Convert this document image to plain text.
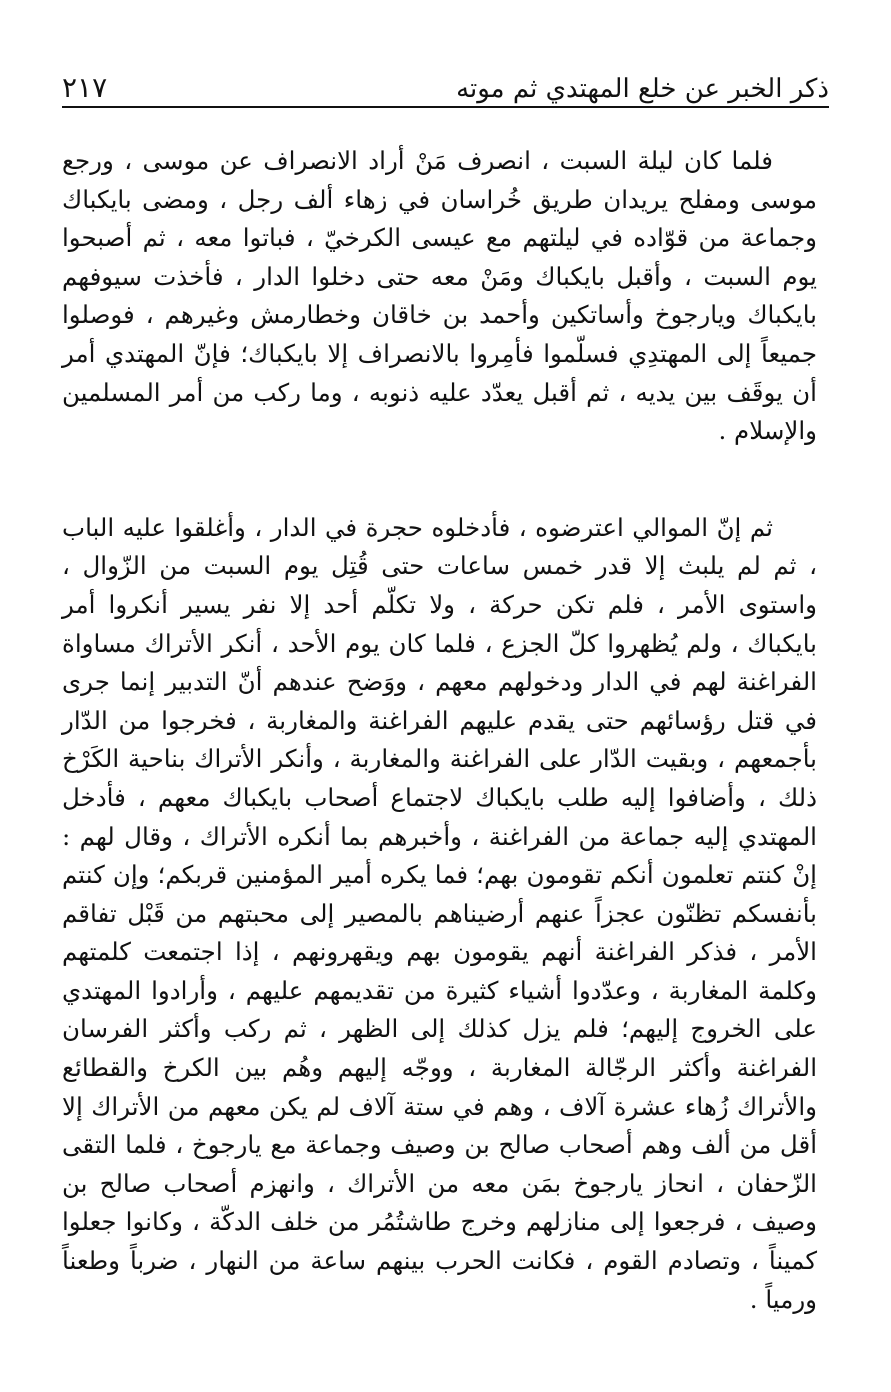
ذكر الخبر عن خلع المهتدي ثم موته
٢١٧

فلما كان ليلة السبت ، انصرف مَنْ أراد الانصراف عن موسى ، ورجع موسى ومفلح يريدان طريق خُراسان في زهاء ألف رجل ، ومضى بايكباك وجماعة من قوّاده في ليلتهم مع عيسى الكرخيّ ، فباتوا معه ، ثم أصبحوا يوم السبت ، وأقبل بايكباك ومَنْ معه حتى دخلوا الدار ، فأخذت سيوفهم بايكباك ويارجوخ وأساتكين وأحمد بن خاقان وخطارمش وغيرهم ، فوصلوا جميعاً إلى المهتدِي فسلّموا فأمِروا بالانصراف إلا بايكباك؛ فإنّ المهتدي أمر أن يوقَف بين يديه ، ثم أقبل يعدّد عليه ذنوبه ، وما ركب من أمر المسلمين والإسلام .

ثم إنّ الموالي اعترضوه ، فأدخلوه حجرة في الدار ، وأغلقوا عليه الباب ، ثم لم يلبث إلا قدر خمس ساعات حتى قُتِل يوم السبت من الزّوال ، واستوى الأمر ، فلم تكن حركة ، ولا تكلّم أحد إلا نفر يسير أنكروا أمر بايكباك ، ولم يُظهروا كلّ الجزع ، فلما كان يوم الأحد ، أنكر الأتراك مساواة الفراغنة لهم في الدار ودخولهم معهم ، ووَضح عندهم أنّ التدبير إنما جرى في قتل رؤسائهم حتى يقدم عليهم الفراغنة والمغاربة ، فخرجوا من الدّار بأجمعهم ، وبقيت الدّار على الفراغنة والمغاربة ، وأنكر الأتراك بناحية الكَرْخ ذلك ، وأضافوا إليه طلب بايكباك لاجتماع أصحاب بايكباك معهم ، فأدخل المهتدي إليه جماعة من الفراغنة ، وأخبرهم بما أنكره الأتراك ، وقال لهم : إنْ كنتم تعلمون أنكم تقومون بهم؛ فما يكره أمير المؤمنين قربكم؛ وإن كنتم بأنفسكم تظنّون عجزاً عنهم أرضيناهم بالمصير إلى محبتهم من قَبْل تفاقم الأمر ، فذكر الفراغنة أنهم يقومون بهم ويقهرونهم ، إذا اجتمعت كلمتهم وكلمة المغاربة ، وعدّدوا أشياء كثيرة من تقديمهم عليهم ، وأرادوا المهتدي على الخروج إليهم؛ فلم يزل كذلك إلى الظهر ، ثم ركب وأكثر الفرسان الفراغنة وأكثر الرجّالة المغاربة ، ووجّه إليهم وهُم بين الكرخ والقطائع والأتراك زُهاء عشرة آلاف ، وهم في ستة آلاف لم يكن معهم من الأتراك إلا أقل من ألف وهم أصحاب صالح بن وصيف وجماعة مع يارجوخ ، فلما التقى الزّحفان ، انحاز يارجوخ بمَن معه من الأتراك ، وانهزم أصحاب صالح بن وصيف ، فرجعوا إلى منازلهم وخرج طاشتُمُر من خلف الدكّة ، وكانوا جعلوا كميناً ، وتصادم القوم ، فكانت الحرب بينهم ساعة من النهار ، ضرباً وطعناً ورمياً .
